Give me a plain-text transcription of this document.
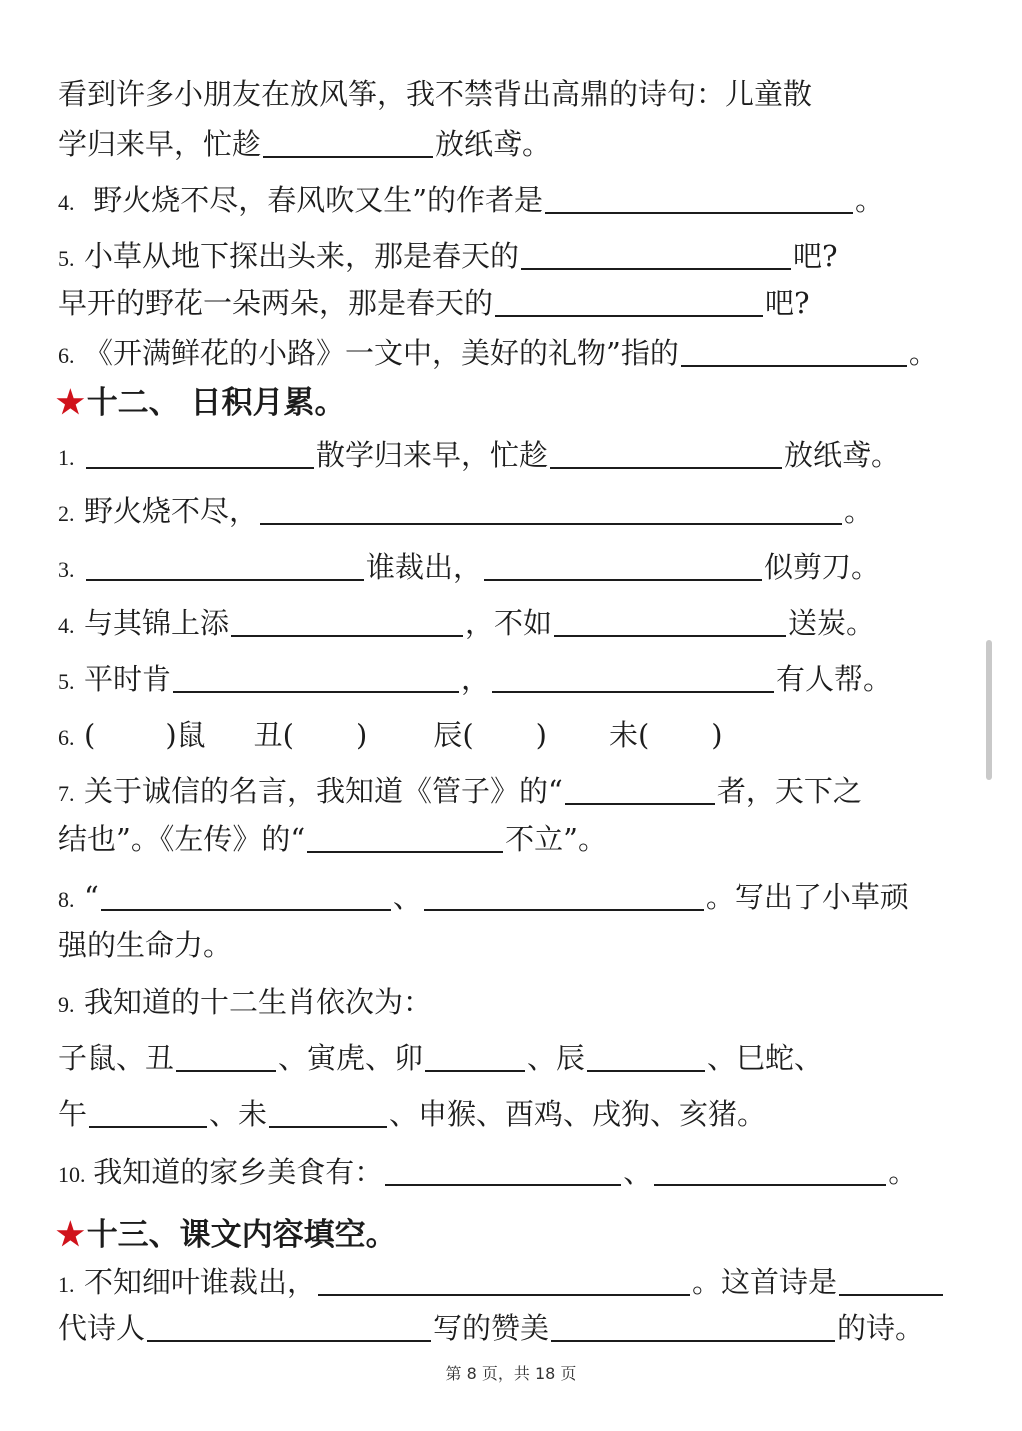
看到许多小朋友在放风筝，我不禁背出高鼎的诗句：儿童散
学归来早，忙趁	放纸鸢。
4. 野火烧不尽，春风吹又生”的作者是	。
5. 小草从地下探出头来，那是春天的	吧?
早开的野花一朵两朵，那是春天的	吧?
6. 《开满鲜花的小路》一文中，美好的礼物”指的	。
★十二、 日积月累。
1.	散学归来早，忙趁	放纸鸢。
2. 野火烧不尽，	。
3.	谁裁出，	似剪刀。
4. 与其锦上添	，不如	送炭。
5. 平时肯	，	有人帮。
6. ( )鼠 丑( ) 辰( ) 未( )
7. 关于诚信的名言，我知道《管子》的“	者，天下之
结也”。《左传》的“	不立”。
8. “	、	。写出了小草顽
强的生命力。
9. 我知道的十二生肖依次为：
子鼠、丑	、寅虎、卯	、辰	、巳蛇、
午	、未	、申猴、酉鸡、戌狗、亥猪。
10. 我知道的家乡美食有：	、	。
★十三、课文内容填空。
1. 不知细叶谁裁出，	。这首诗是
代诗人	写的赞美	的诗。
第 8 页，共 18 页
